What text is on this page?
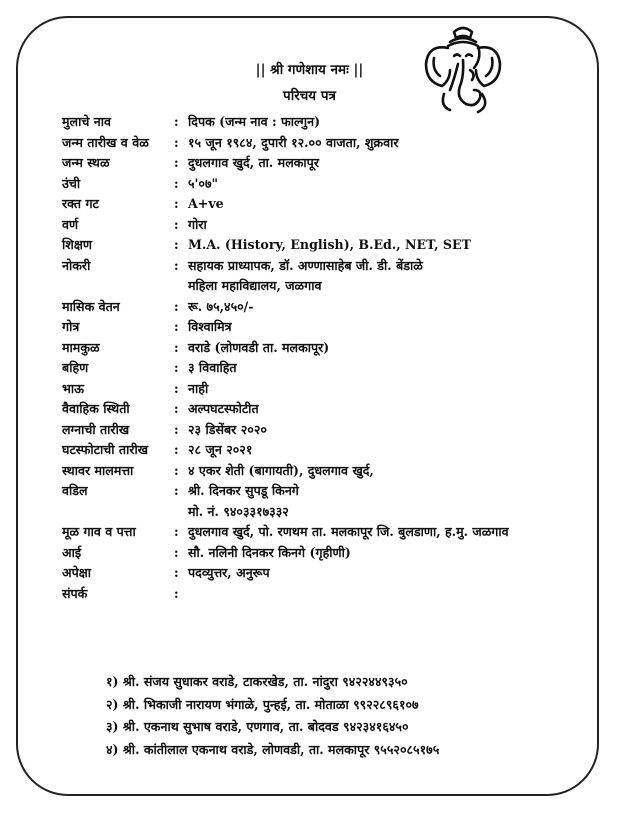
|| श्री गणेशाय नमः ||
परिचय पत्र
मुलाचे नाव	: दिपक (जन्म नाव : फाल्गुन)
जन्म तारीख व वेळ	: १५ जून १९८४, दुपारी १२.०० वाजता, शुक्रवार
जन्म स्थळ	: दुधलगाव खुर्द, ता. मलकापूर
उंची	: ५'०७"
रक्त गट	: A+ve
वर्ण	: गोरा
शिक्षण	: M.A. (History, English), B.Ed., NET, SET
नोकरी	: सहायक प्राध्यापक, डॉ. अण्णासाहेब जी. डी. बेंडाळे
महिला महाविद्यालय, जळगाव
मासिक वेतन	: रू. ७५,४५०/-
गोत्र	: विश्वामित्र
मामकुळ	: वराडे (लोणवडी ता. मलकापूर)
बहिण	: ३ विवाहित
भाऊ	: नाही
वैवाहिक स्थिती	: अल्पघटस्फोटीत
लग्नाची तारीख	: २३ डिसेंबर २०२०
घटस्फोटाची तारीख	: २८ जून २०२१
स्थावर मालमत्ता	: ४ एकर शेती (बागायती), दुधलगाव खुर्द,
वडिल	: श्री. दिनकर सुपडू किनगे
मो. नं. ९४०३३१७३३२
मूळ गाव व पत्ता	: दुधलगाव खुर्द, पो. रणथम ता. मलकापूर जि. बुलडाणा, ह.मु. जळगाव
आई	: सौ. नलिनी दिनकर किनगे (गृहीणी)
अपेक्षा	: पदव्युत्तर, अनुरूप
संपर्क	:
१) श्री. संजय सुधाकर वराडे, टाकरखेड, ता. नांदुरा ९४२२४४९३५०
२) श्री. भिकाजी नारायण भंगाळे, पुन्हई, ता. मोताळा ९९२२८९६१०७
३) श्री. एकनाथ सुभाष वराडे, एणगाव, ता. बोदवड ९४२३४१६४५०
४) श्री. कांतीलाल एकनाथ वराडे, लोणवडी, ता. मलकापूर ९५५२०८५१७५
